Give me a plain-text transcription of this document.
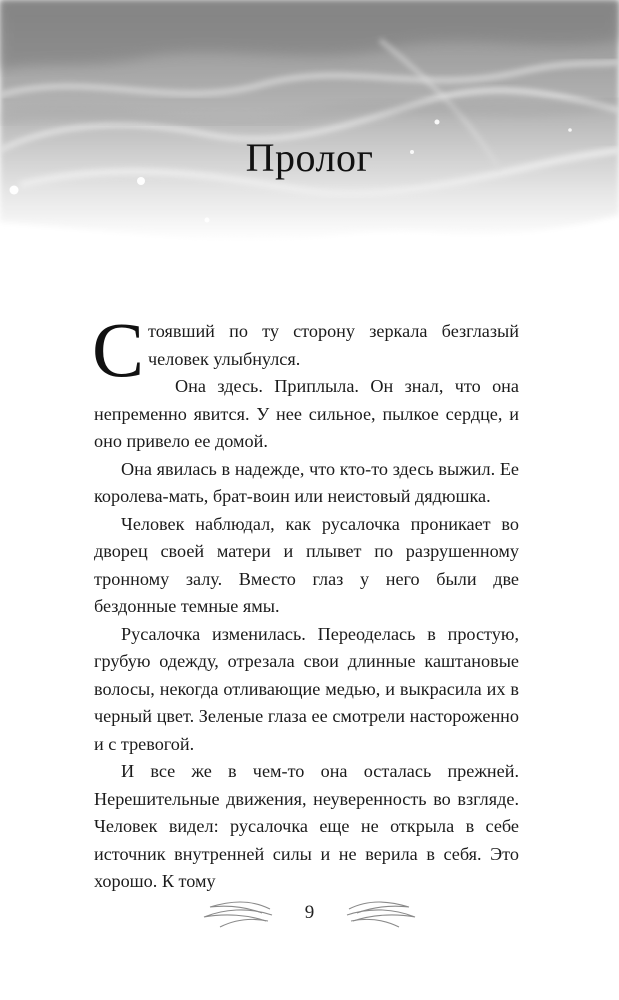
Пролог

Стоявший по ту сторону зеркала безглазый человек улыбнулся.

Она здесь. Приплыла. Он знал, что она непременно явится. У нее сильное, пылкое сердце, и оно привело ее домой.

Она явилась в надежде, что кто-то здесь выжил. Ее королева-мать, брат-воин или неистовый дядюшка.

Человек наблюдал, как русалочка проникает во дворец своей матери и плывет по разрушенному тронному залу. Вместо глаз у него были две бездонные темные ямы.

Русалочка изменилась. Переоделась в простую, грубую одежду, отрезала свои длинные каштановые волосы, некогда отливающие медью, и выкрасила их в черный цвет. Зеленые глаза ее смотрели настороженно и с тревогой.

И все же в чем-то она осталась прежней. Нерешительные движения, неуверенность во взгляде. Человек видел: русалочка еще не открыла в себе источник внутренней силы и не верила в себя. Это хорошо. К тому

9
